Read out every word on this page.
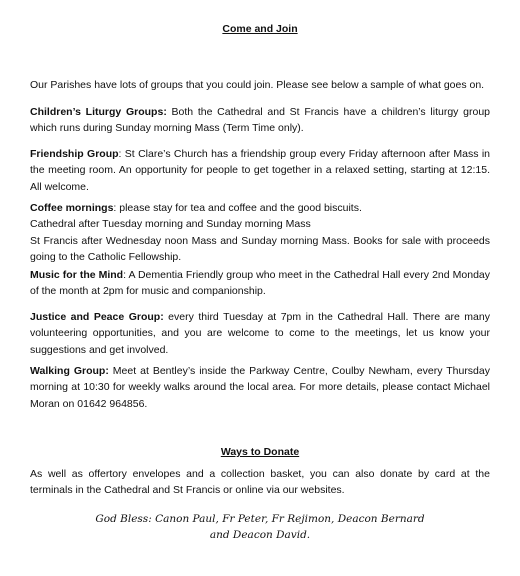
Come and Join

Our Parishes have lots of groups that you could join. Please see below a sample of what goes on.

Children’s Liturgy Groups: Both the Cathedral and St Francis have a children’s liturgy group which runs during Sunday morning Mass (Term Time only).

Friendship Group: St Clare’s Church has a friendship group every Friday afternoon after Mass in the meeting room. An opportunity for people to get together in a relaxed setting, starting at 12:15. All welcome.

Coffee mornings: please stay for tea and coffee and the good biscuits.
Cathedral after Tuesday morning and Sunday morning Mass
St Francis after Wednesday noon Mass and Sunday morning Mass. Books for sale with proceeds going to the Catholic Fellowship.

Music for the Mind: A Dementia Friendly group who meet in the Cathedral Hall every 2nd Monday of the month at 2pm for music and companionship.

Justice and Peace Group: every third Tuesday at 7pm in the Cathedral Hall. There are many volunteering opportunities, and you are welcome to come to the meetings, let us know your suggestions and get involved.

Walking Group: Meet at Bentley’s inside the Parkway Centre, Coulby Newham, every Thursday morning at 10:30 for weekly walks around the local area. For more details, please contact Michael Moran on 01642 964856.

Ways to Donate

As well as offertory envelopes and a collection basket, you can also donate by card at the terminals in the Cathedral and St Francis or online via our websites.

God Bless: Canon Paul, Fr Peter, Fr Rejimon, Deacon Bernard
and Deacon David.
